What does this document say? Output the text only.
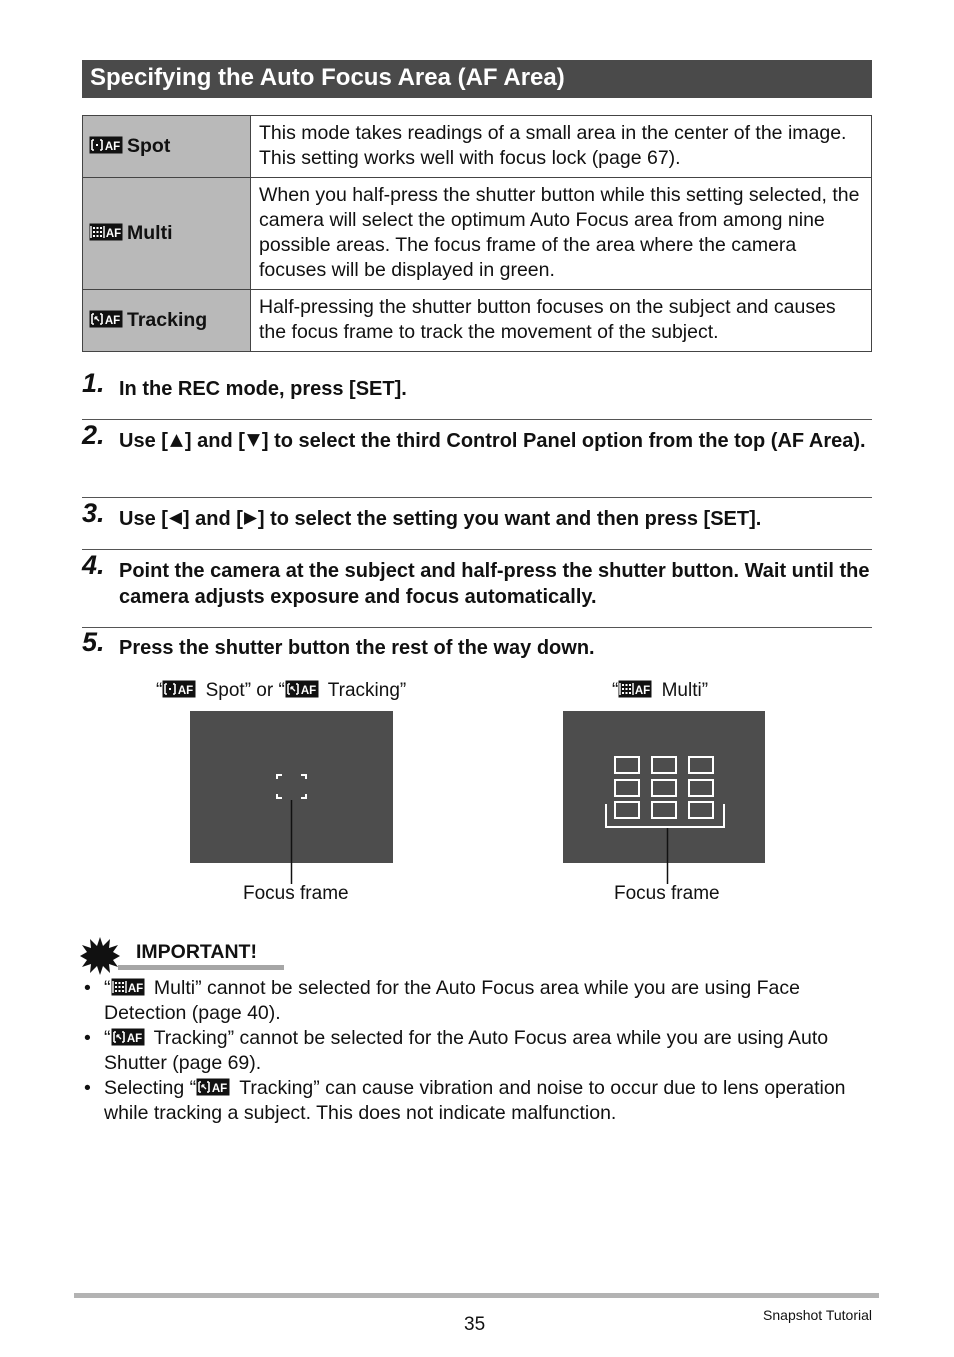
Specifying the Auto Focus Area (AF Area)
Spot	This mode takes readings of a small area in the center of the image. This setting works well with focus lock (page 67).
Multi	When you half-press the shutter button while this setting selected, the camera will select the optimum Auto Focus area from among nine possible areas. The focus frame of the area where the camera focuses will be displayed in green.
Tracking	Half-pressing the shutter button focuses on the subject and causes the focus frame to track the movement of the subject.
1. In the REC mode, press [SET].
2. Use [ ] and [ ] to select the third Control Panel option from the top (AF Area).
3. Use [ ] and [ ] to select the setting you want and then press [SET].
4. Point the camera at the subject and half-press the shutter button. Wait until the camera adjusts exposure and focus automatically.
5. Press the shutter button the rest of the way down.
“ Spot” or “ Tracking”	“ Multi”
Focus frame	Focus frame
IMPORTANT!
• “ Multi” cannot be selected for the Auto Focus area while you are using Face Detection (page 40).
• “ Tracking” cannot be selected for the Auto Focus area while you are using Auto Shutter (page 69).
• Selecting “ Tracking” can cause vibration and noise to occur due to lens operation while tracking a subject. This does not indicate malfunction.
35	Snapshot Tutorial
